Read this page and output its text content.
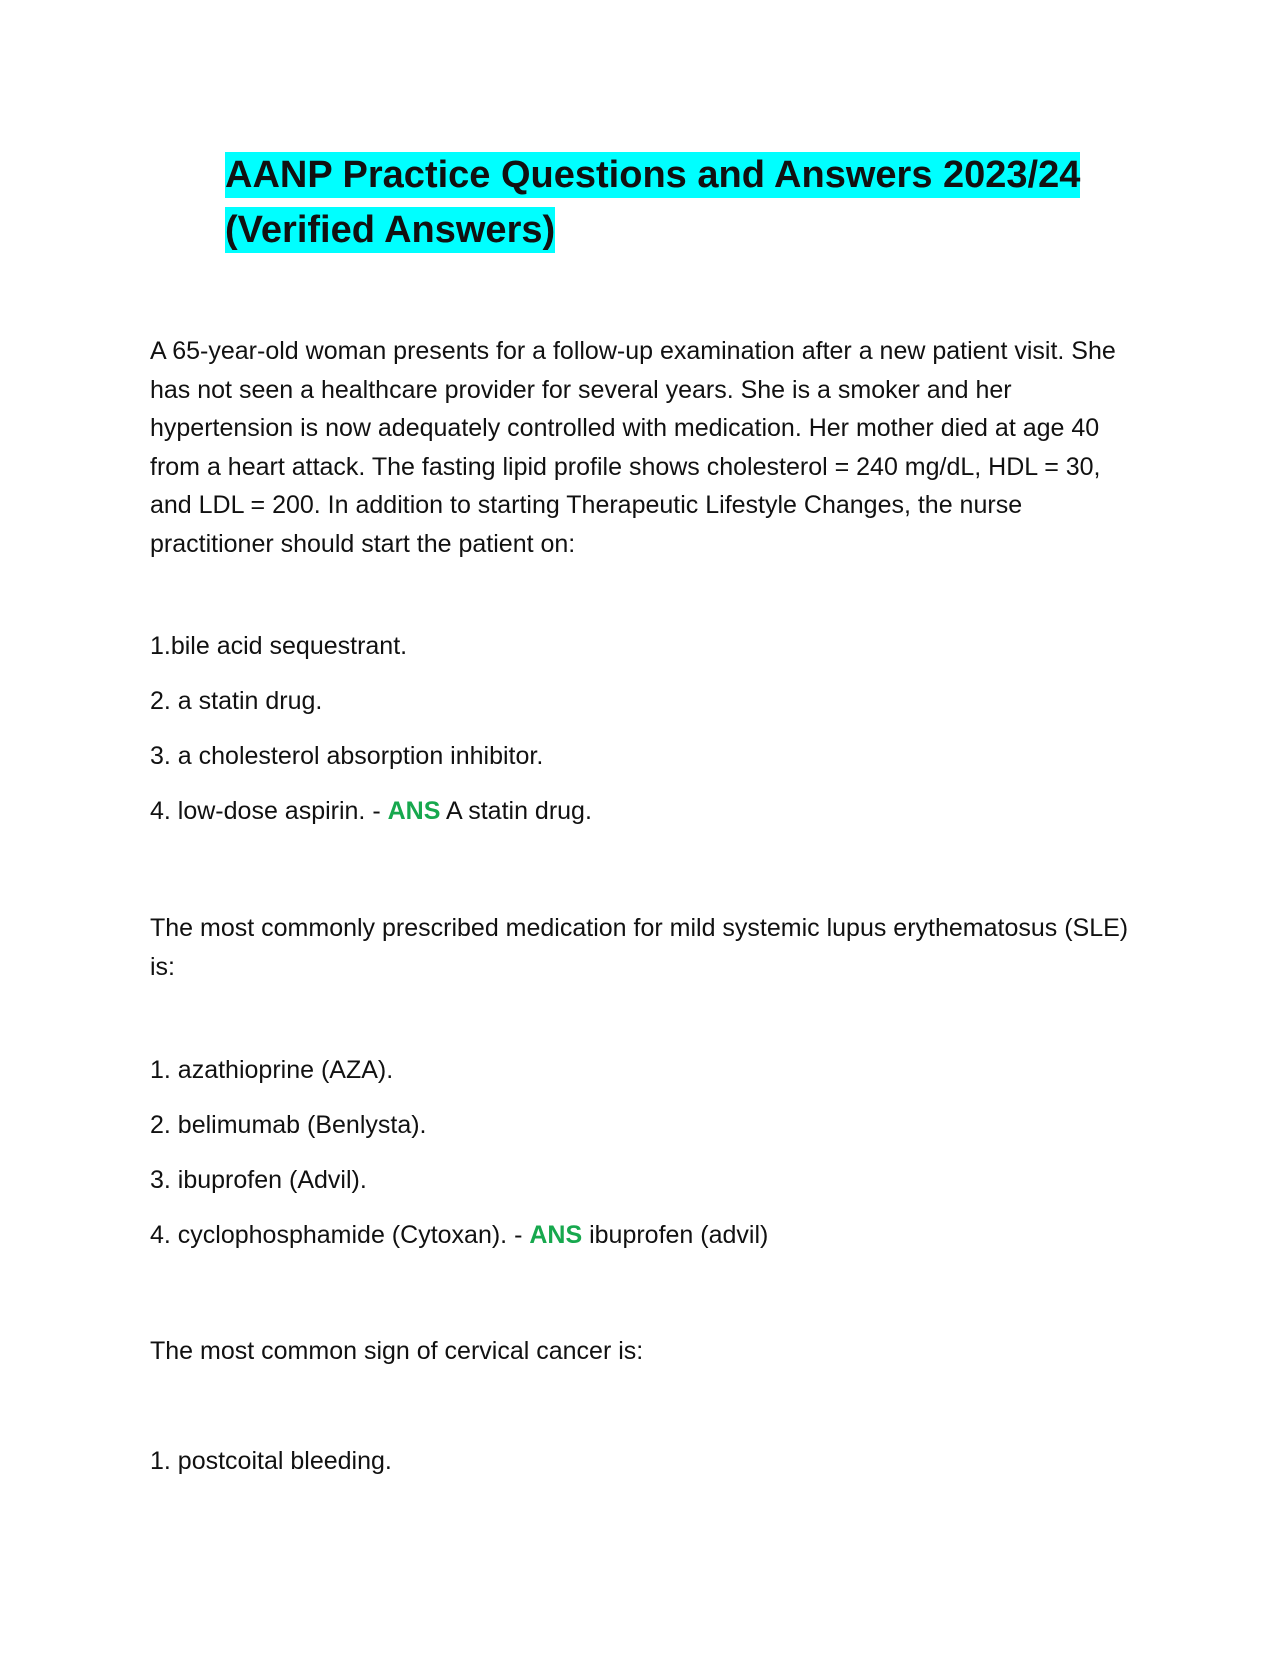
AANP Practice Questions and Answers 2023/24
(Verified Answers)

A 65-year-old woman presents for a follow-up examination after a new patient visit. She has not seen a healthcare provider for several years. She is a smoker and her hypertension is now adequately controlled with medication. Her mother died at age 40 from a heart attack. The fasting lipid profile shows cholesterol = 240 mg/dL, HDL = 30, and LDL = 200. In addition to starting Therapeutic Lifestyle Changes, the nurse practitioner should start the patient on:

1.bile acid sequestrant.

2. a statin drug.

3. a cholesterol absorption inhibitor.

4. low-dose aspirin. - ANS A statin drug.

The most commonly prescribed medication for mild systemic lupus erythematosus (SLE) is:

1. azathioprine (AZA).

2. belimumab (Benlysta).

3. ibuprofen (Advil).

4. cyclophosphamide (Cytoxan). - ANS ibuprofen (advil)

The most common sign of cervical cancer is:

1. postcoital bleeding.
